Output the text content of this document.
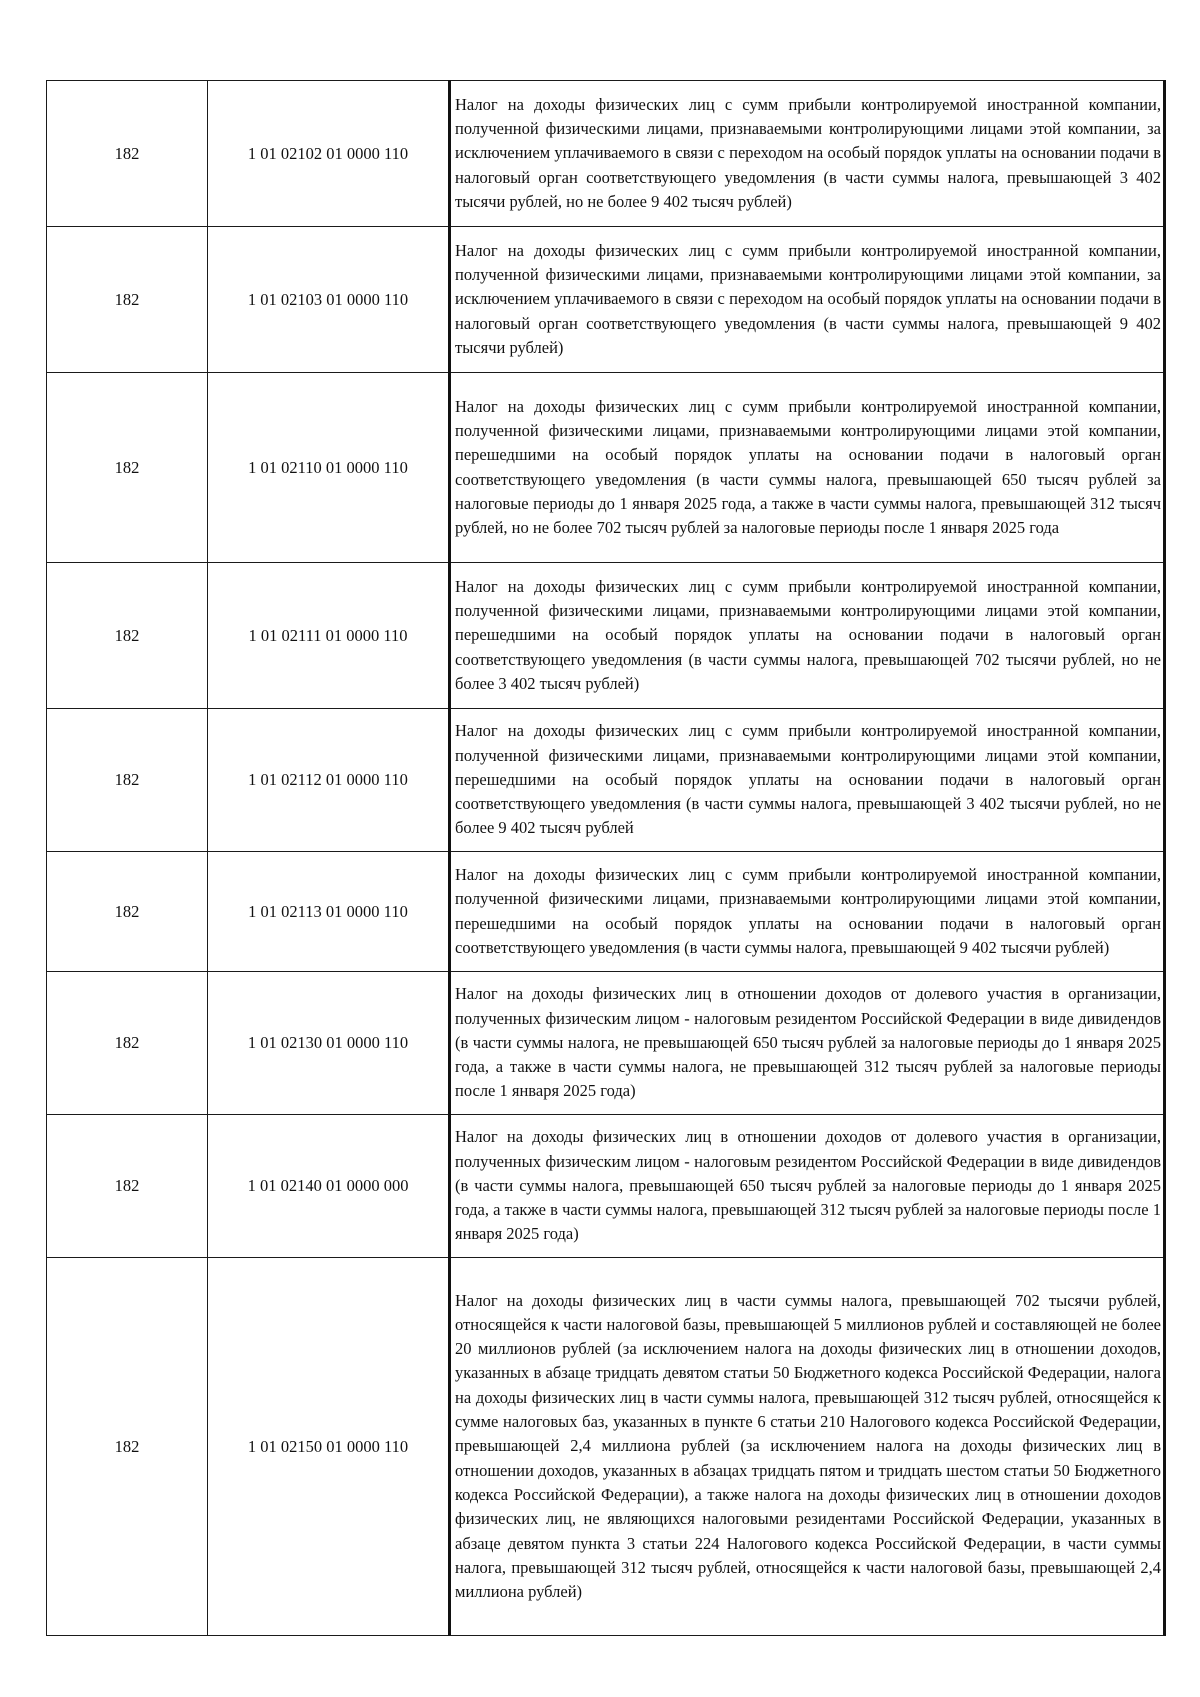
182	1 01 02102 01 0000 110	Налог на доходы физических лиц с сумм прибыли контролируемой иностранной компании, полученной физическими лицами, признаваемыми контролирующими лицами этой компании, за исключением уплачиваемого в связи с переходом на особый порядок уплаты на основании подачи в налоговый орган соответствующего уведомления (в части суммы налога, превышающей 3 402 тысячи рублей, но не более 9 402 тысяч рублей)

182	1 01 02103 01 0000 110	Налог на доходы физических лиц с сумм прибыли контролируемой иностранной компании, полученной физическими лицами, признаваемыми контролирующими лицами этой компании, за исключением уплачиваемого в связи с переходом на особый порядок уплаты на основании подачи в налоговый орган соответствующего уведомления (в части суммы налога, превышающей 9 402 тысячи рублей)

182	1 01 02110 01 0000 110	Налог на доходы физических лиц с сумм прибыли контролируемой иностранной компании, полученной физическими лицами, признаваемыми контролирующими лицами этой компании, перешедшими на особый порядок уплаты на основании подачи в налоговый орган соответствующего уведомления (в части суммы налога, превышающей 650 тысяч рублей за налоговые периоды до 1 января 2025 года, а также в части суммы налога, превышающей 312 тысяч рублей, но не более 702 тысяч рублей за налоговые периоды после 1 января 2025 года

182	1 01 02111 01 0000 110	Налог на доходы физических лиц с сумм прибыли контролируемой иностранной компании, полученной физическими лицами, признаваемыми контролирующими лицами этой компании, перешедшими на особый порядок уплаты на основании подачи в налоговый орган соответствующего уведомления (в части суммы налога, превышающей 702 тысячи рублей, но не более 3 402 тысяч рублей)

182	1 01 02112 01 0000 110	Налог на доходы физических лиц с сумм прибыли контролируемой иностранной компании, полученной физическими лицами, признаваемыми контролирующими лицами этой компании, перешедшими на особый порядок уплаты на основании подачи в налоговый орган соответствующего уведомления (в части суммы налога, превышающей 3 402 тысячи рублей, но не более 9 402 тысяч рублей

182	1 01 02113 01 0000 110	Налог на доходы физических лиц с сумм прибыли контролируемой иностранной компании, полученной физическими лицами, признаваемыми контролирующими лицами этой компании, перешедшими на особый порядок уплаты на основании подачи в налоговый орган соответствующего уведомления (в части суммы налога, превышающей 9 402 тысячи рублей)

182	1 01 02130 01 0000 110	Налог на доходы физических лиц в отношении доходов от долевого участия в организации, полученных физическим лицом - налоговым резидентом Российской Федерации в виде дивидендов (в части суммы налога, не превышающей 650 тысяч рублей за налоговые периоды до 1 января 2025 года, а также в части суммы налога, не превышающей 312 тысяч рублей за налоговые периоды после 1 января 2025 года)

182	1 01 02140 01 0000 000	Налог на доходы физических лиц в отношении доходов от долевого участия в организации, полученных физическим лицом - налоговым резидентом Российской Федерации в виде дивидендов (в части суммы налога, превышающей 650 тысяч рублей за налоговые периоды до 1 января 2025 года, а также в части суммы налога, превышающей 312 тысяч рублей за налоговые периоды после 1 января 2025 года)

182	1 01 02150 01 0000 110	Налог на доходы физических лиц в части суммы налога, превышающей 702 тысячи рублей, относящейся к части налоговой базы, превышающей 5 миллионов рублей и составляющей не более 20 миллионов рублей (за исключением налога на доходы физических лиц в отношении доходов, указанных в абзаце тридцать девятом статьи 50 Бюджетного кодекса Российской Федерации, налога на доходы физических лиц в части суммы налога, превышающей 312 тысяч рублей, относящейся к сумме налоговых баз, указанных в пункте 6 статьи 210 Налогового кодекса Российской Федерации, превышающей 2,4 миллиона рублей (за исключением налога на доходы физических лиц в отношении доходов, указанных в абзацах тридцать пятом и тридцать шестом статьи 50 Бюджетного кодекса Российской Федерации), а также налога на доходы физических лиц в отношении доходов физических лиц, не являющихся налоговыми резидентами Российской Федерации, указанных в абзаце девятом пункта 3 статьи 224 Налогового кодекса Российской Федерации, в части суммы налога, превышающей 312 тысяч рублей, относящейся к части налоговой базы, превышающей 2,4 миллиона рублей)
